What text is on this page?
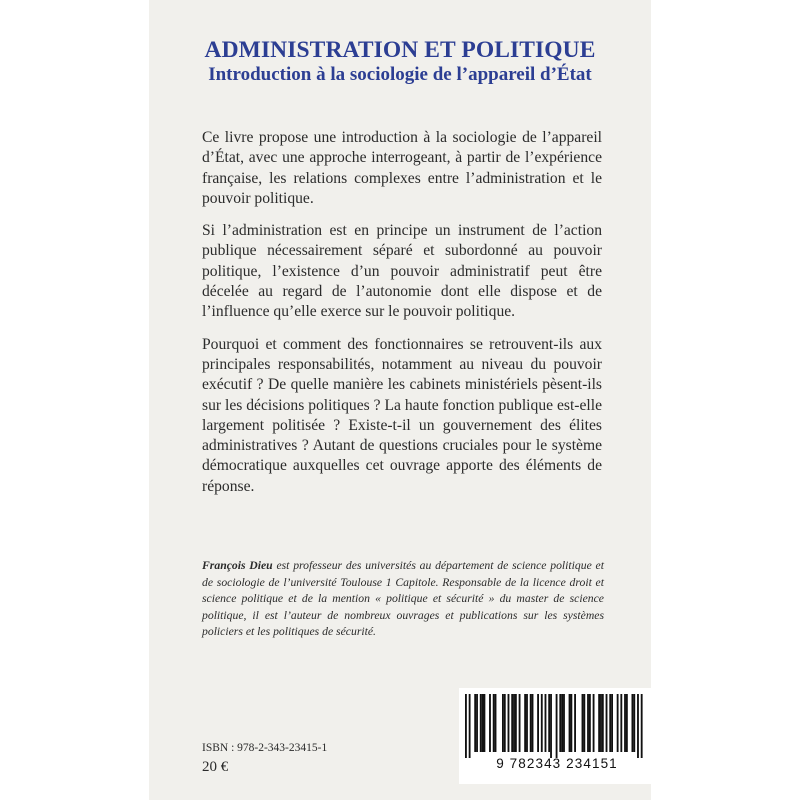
ADMINISTRATION ET POLITIQUE
Introduction à la sociologie de l’appareil d’État

Ce livre propose une introduction à la sociologie de l’appareil d’État, avec une approche interrogeant, à partir de l’expérience française, les relations complexes entre l’administration et le pouvoir politique.

Si l’administration est en principe un instrument de l’action publique nécessairement séparé et subordonné au pouvoir politique, l’existence d’un pouvoir administratif peut être décelée au regard de l’autonomie dont elle dispose et de l’influence qu’elle exerce sur le pouvoir politique.

Pourquoi et comment des fonctionnaires se retrouvent-ils aux principales responsabilités, notamment au niveau du pouvoir exécutif ? De quelle manière les cabinets ministériels pèsent-ils sur les décisions politiques ? La haute fonction publique est-elle largement politisée ? Existe-t-il un gouvernement des élites administratives ? Autant de questions cruciales pour le système démocratique auxquelles cet ouvrage apporte des éléments de réponse.

François Dieu est professeur des universités au département de science politique et de sociologie de l’université Toulouse 1 Capitole. Responsable de la licence droit et science politique et de la mention « politique et sécurité » du master de science politique, il est l’auteur de nombreux ouvrages et publications sur les systèmes policiers et les politiques de sécurité.
ISBN : 978-2-343-23415-1
20 €	9 782343 234151
